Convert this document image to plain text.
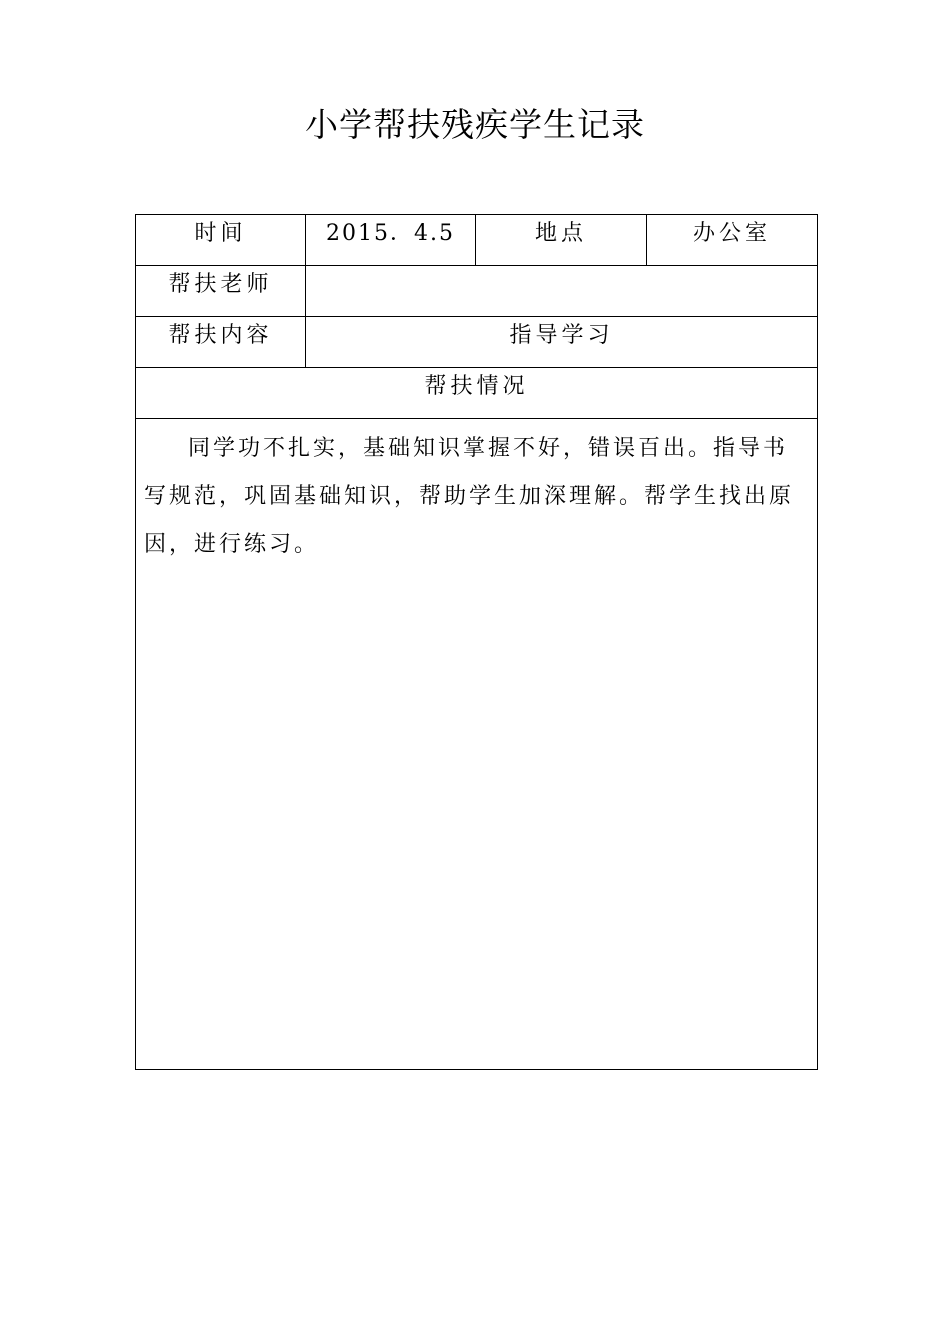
小学帮扶残疾学生记录
时间	2015．4.5	地点	办公室
帮扶老师			
帮扶内容	指导学习		
帮扶情况			

同学功不扎实，基础知识掌握不好，错误百出。指导书写规范，巩固基础知识，帮助学生加深理解。帮学生找出原因，进行练习。			
